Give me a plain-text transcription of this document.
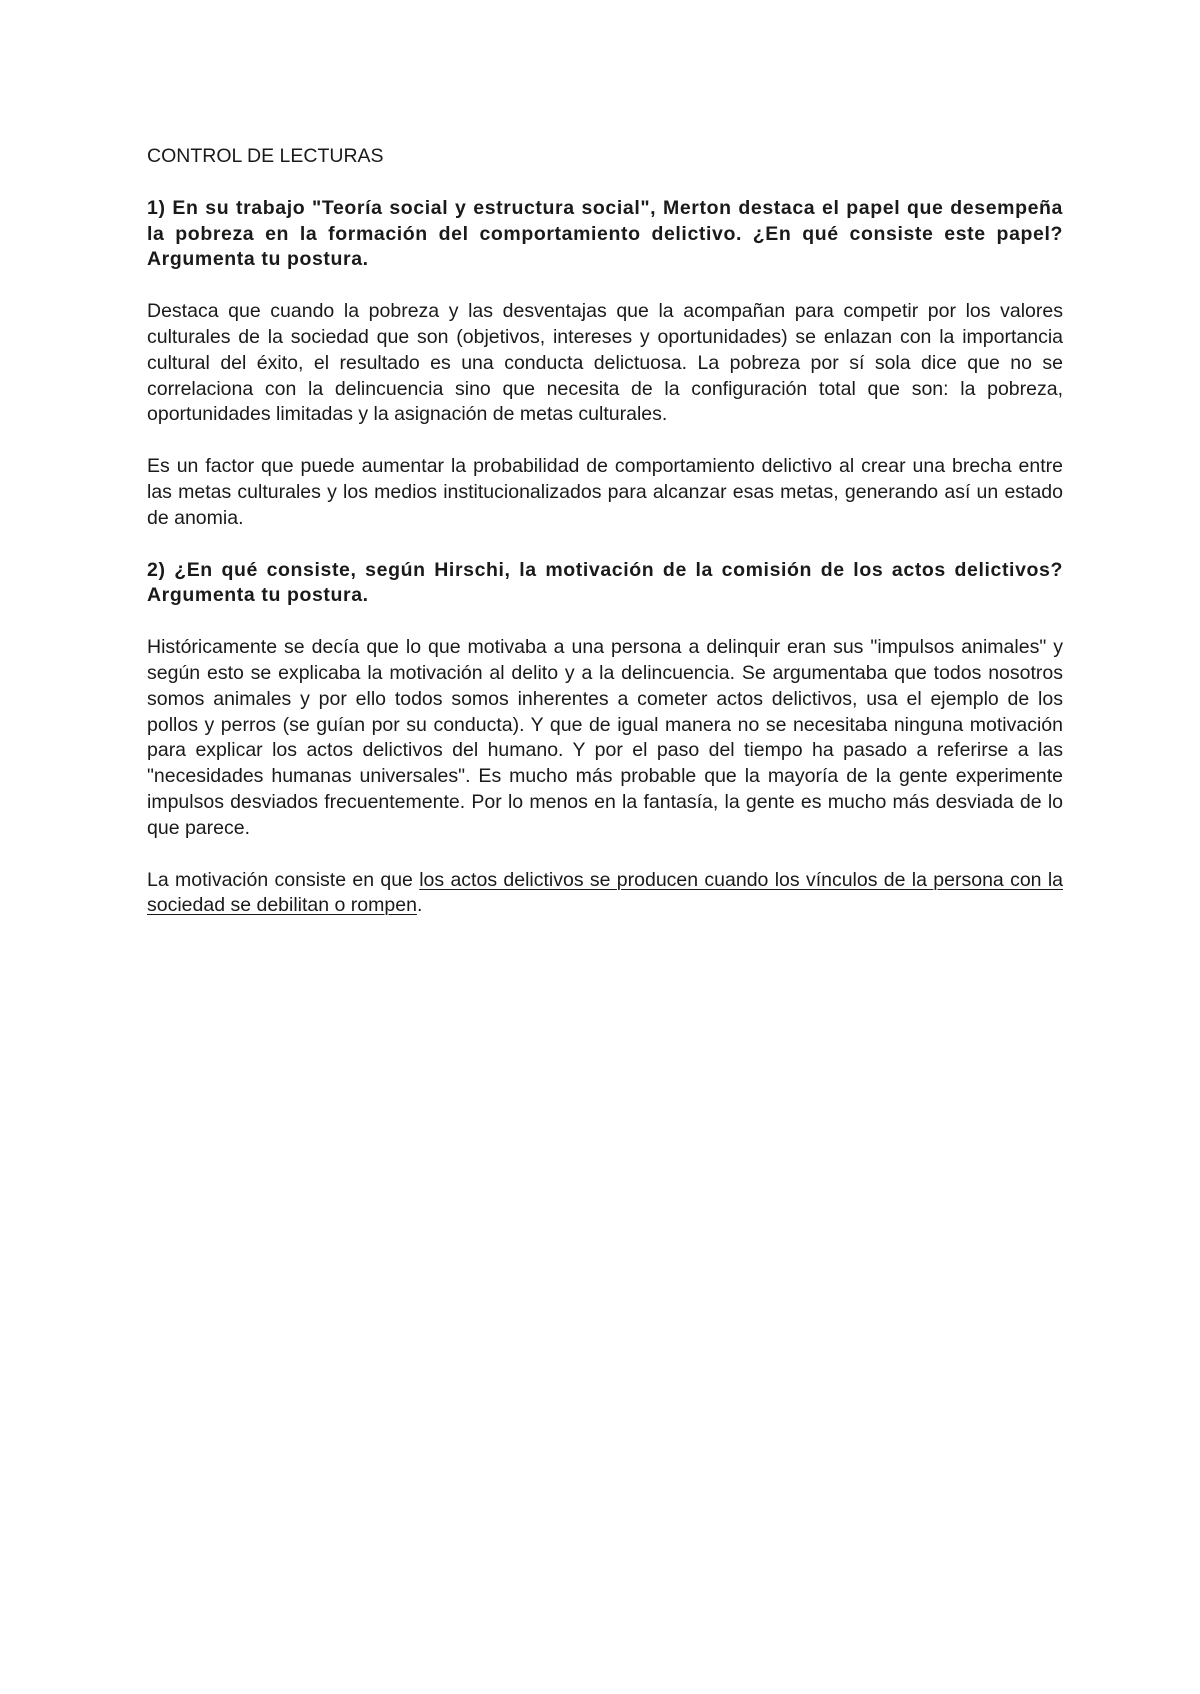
CONTROL DE LECTURAS

1) En su trabajo "Teoría social y estructura social", Merton destaca el papel que desempeña la pobreza en la formación del comportamiento delictivo. ¿En qué consiste este papel? Argumenta tu postura.

Destaca que cuando la pobreza y las desventajas que la acompañan para competir por los valores culturales de la sociedad que son (objetivos, intereses y oportunidades) se enlazan con la importancia cultural del éxito, el resultado es una conducta delictuosa. La pobreza por sí sola dice que no se correlaciona con la delincuencia sino que necesita de la configuración total que son: la pobreza, oportunidades limitadas y la asignación de metas culturales.

Es un factor que puede aumentar la probabilidad de comportamiento delictivo al crear una brecha entre las metas culturales y los medios institucionalizados para alcanzar esas metas, generando así un estado de anomia.

2) ¿En qué consiste, según Hirschi, la motivación de la comisión de los actos delictivos? Argumenta tu postura.

Históricamente se decía que lo que motivaba a una persona a delinquir eran sus "impulsos animales" y según esto se explicaba la motivación al delito y a la delincuencia. Se argumentaba que todos nosotros somos animales y por ello todos somos inherentes a cometer actos delictivos, usa el ejemplo de los pollos y perros (se guían por su conducta). Y que de igual manera no se necesitaba ninguna motivación para explicar los actos delictivos del humano. Y por el paso del tiempo ha pasado a referirse a las "necesidades humanas universales". Es mucho más probable que la mayoría de la gente experimente impulsos desviados frecuentemente. Por lo menos en la fantasía, la gente es mucho más desviada de lo que parece.

La motivación consiste en que los actos delictivos se producen cuando los vínculos de la persona con la sociedad se debilitan o rompen.
